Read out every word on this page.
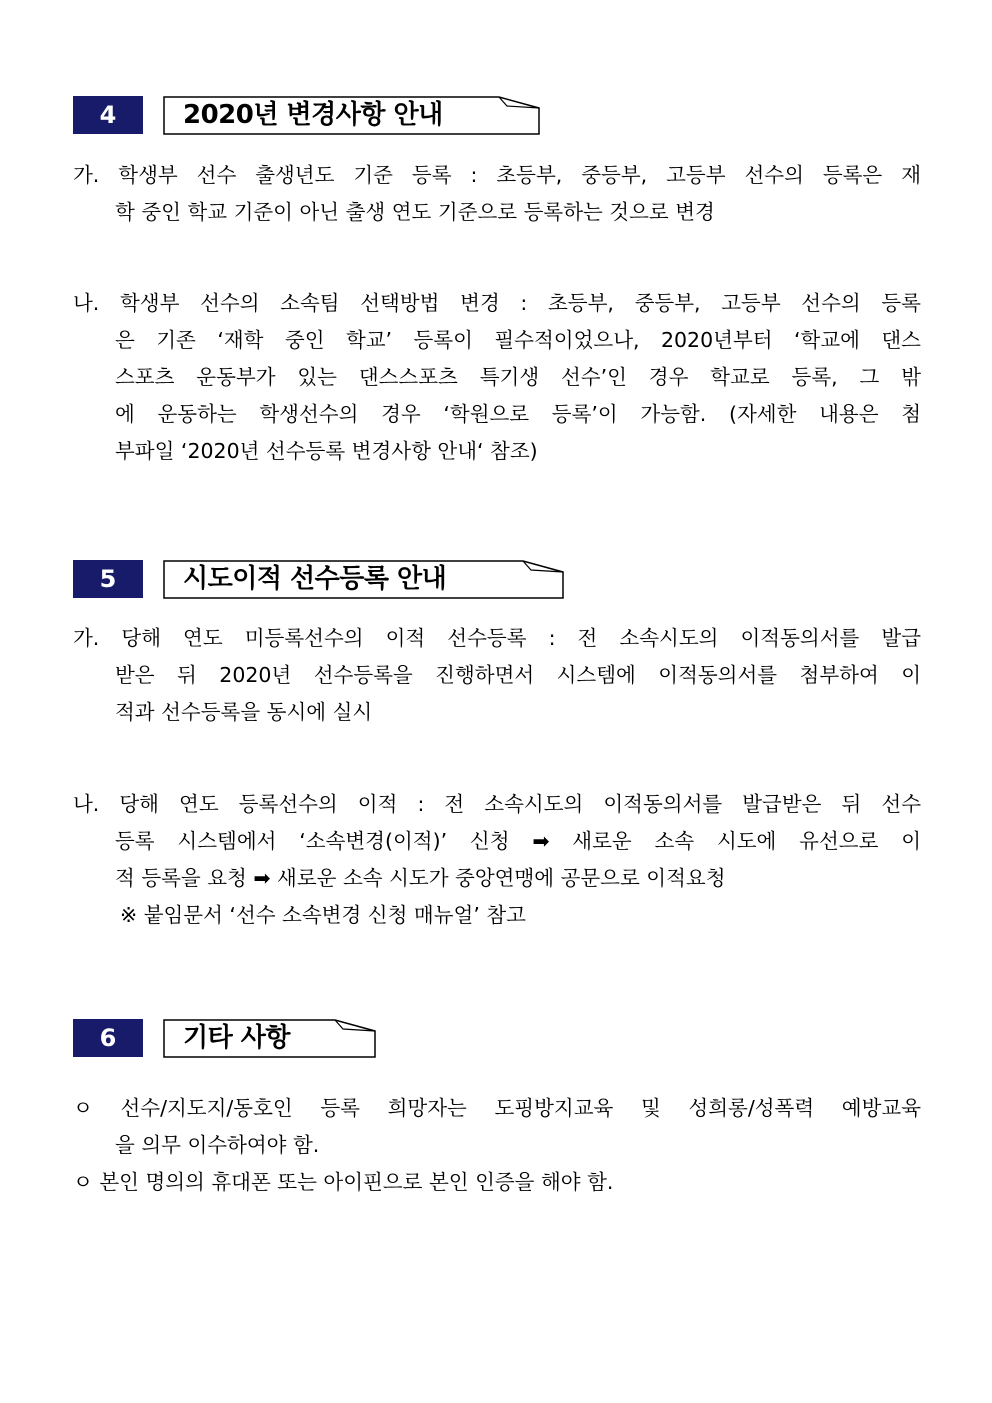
4	2020년 변경사항 안내
가. 학생부 선수 출생년도 기준 등록 : 초등부, 중등부, 고등부 선수의 등록은 재
학 중인 학교 기준이 아닌 출생 연도 기준으로 등록하는 것으로 변경
나. 학생부 선수의 소속팀 선택방법 변경 : 초등부, 중등부, 고등부 선수의 등록
은 기존 ‘재학 중인 학교’ 등록이 필수적이었으나, 2020년부터 ‘학교에 댄스
스포츠 운동부가 있는 댄스스포츠 특기생 선수’인 경우 학교로 등록, 그 밖
에 운동하는 학생선수의 경우 ‘학원으로 등록’이 가능함. (자세한 내용은 첨
부파일 ‘2020년 선수등록 변경사항 안내‘ 참조)
5	시도이적 선수등록 안내
가. 당해 연도 미등록선수의 이적 선수등록 : 전 소속시도의 이적동의서를 발급
받은 뒤 2020년 선수등록을 진행하면서 시스템에 이적동의서를 첨부하여 이
적과 선수등록을 동시에 실시
나. 당해 연도 등록선수의 이적 : 전 소속시도의 이적동의서를 발급받은 뒤 선수
등록 시스템에서 ‘소속변경(이적)’ 신청 ➡ 새로운 소속 시도에 유선으로 이
적 등록을 요청 ➡ 새로운 소속 시도가 중앙연맹에 공문으로 이적요청
※ 붙임문서 ‘선수 소속변경 신청 매뉴얼’ 참고
6	기타 사항
ㅇ 선수/지도지/동호인 등록 희망자는 도핑방지교육 및 성희롱/성폭력 예방교육
을 의무 이수하여야 함.
ㅇ 본인 명의의 휴대폰 또는 아이핀으로 본인 인증을 해야 함.
